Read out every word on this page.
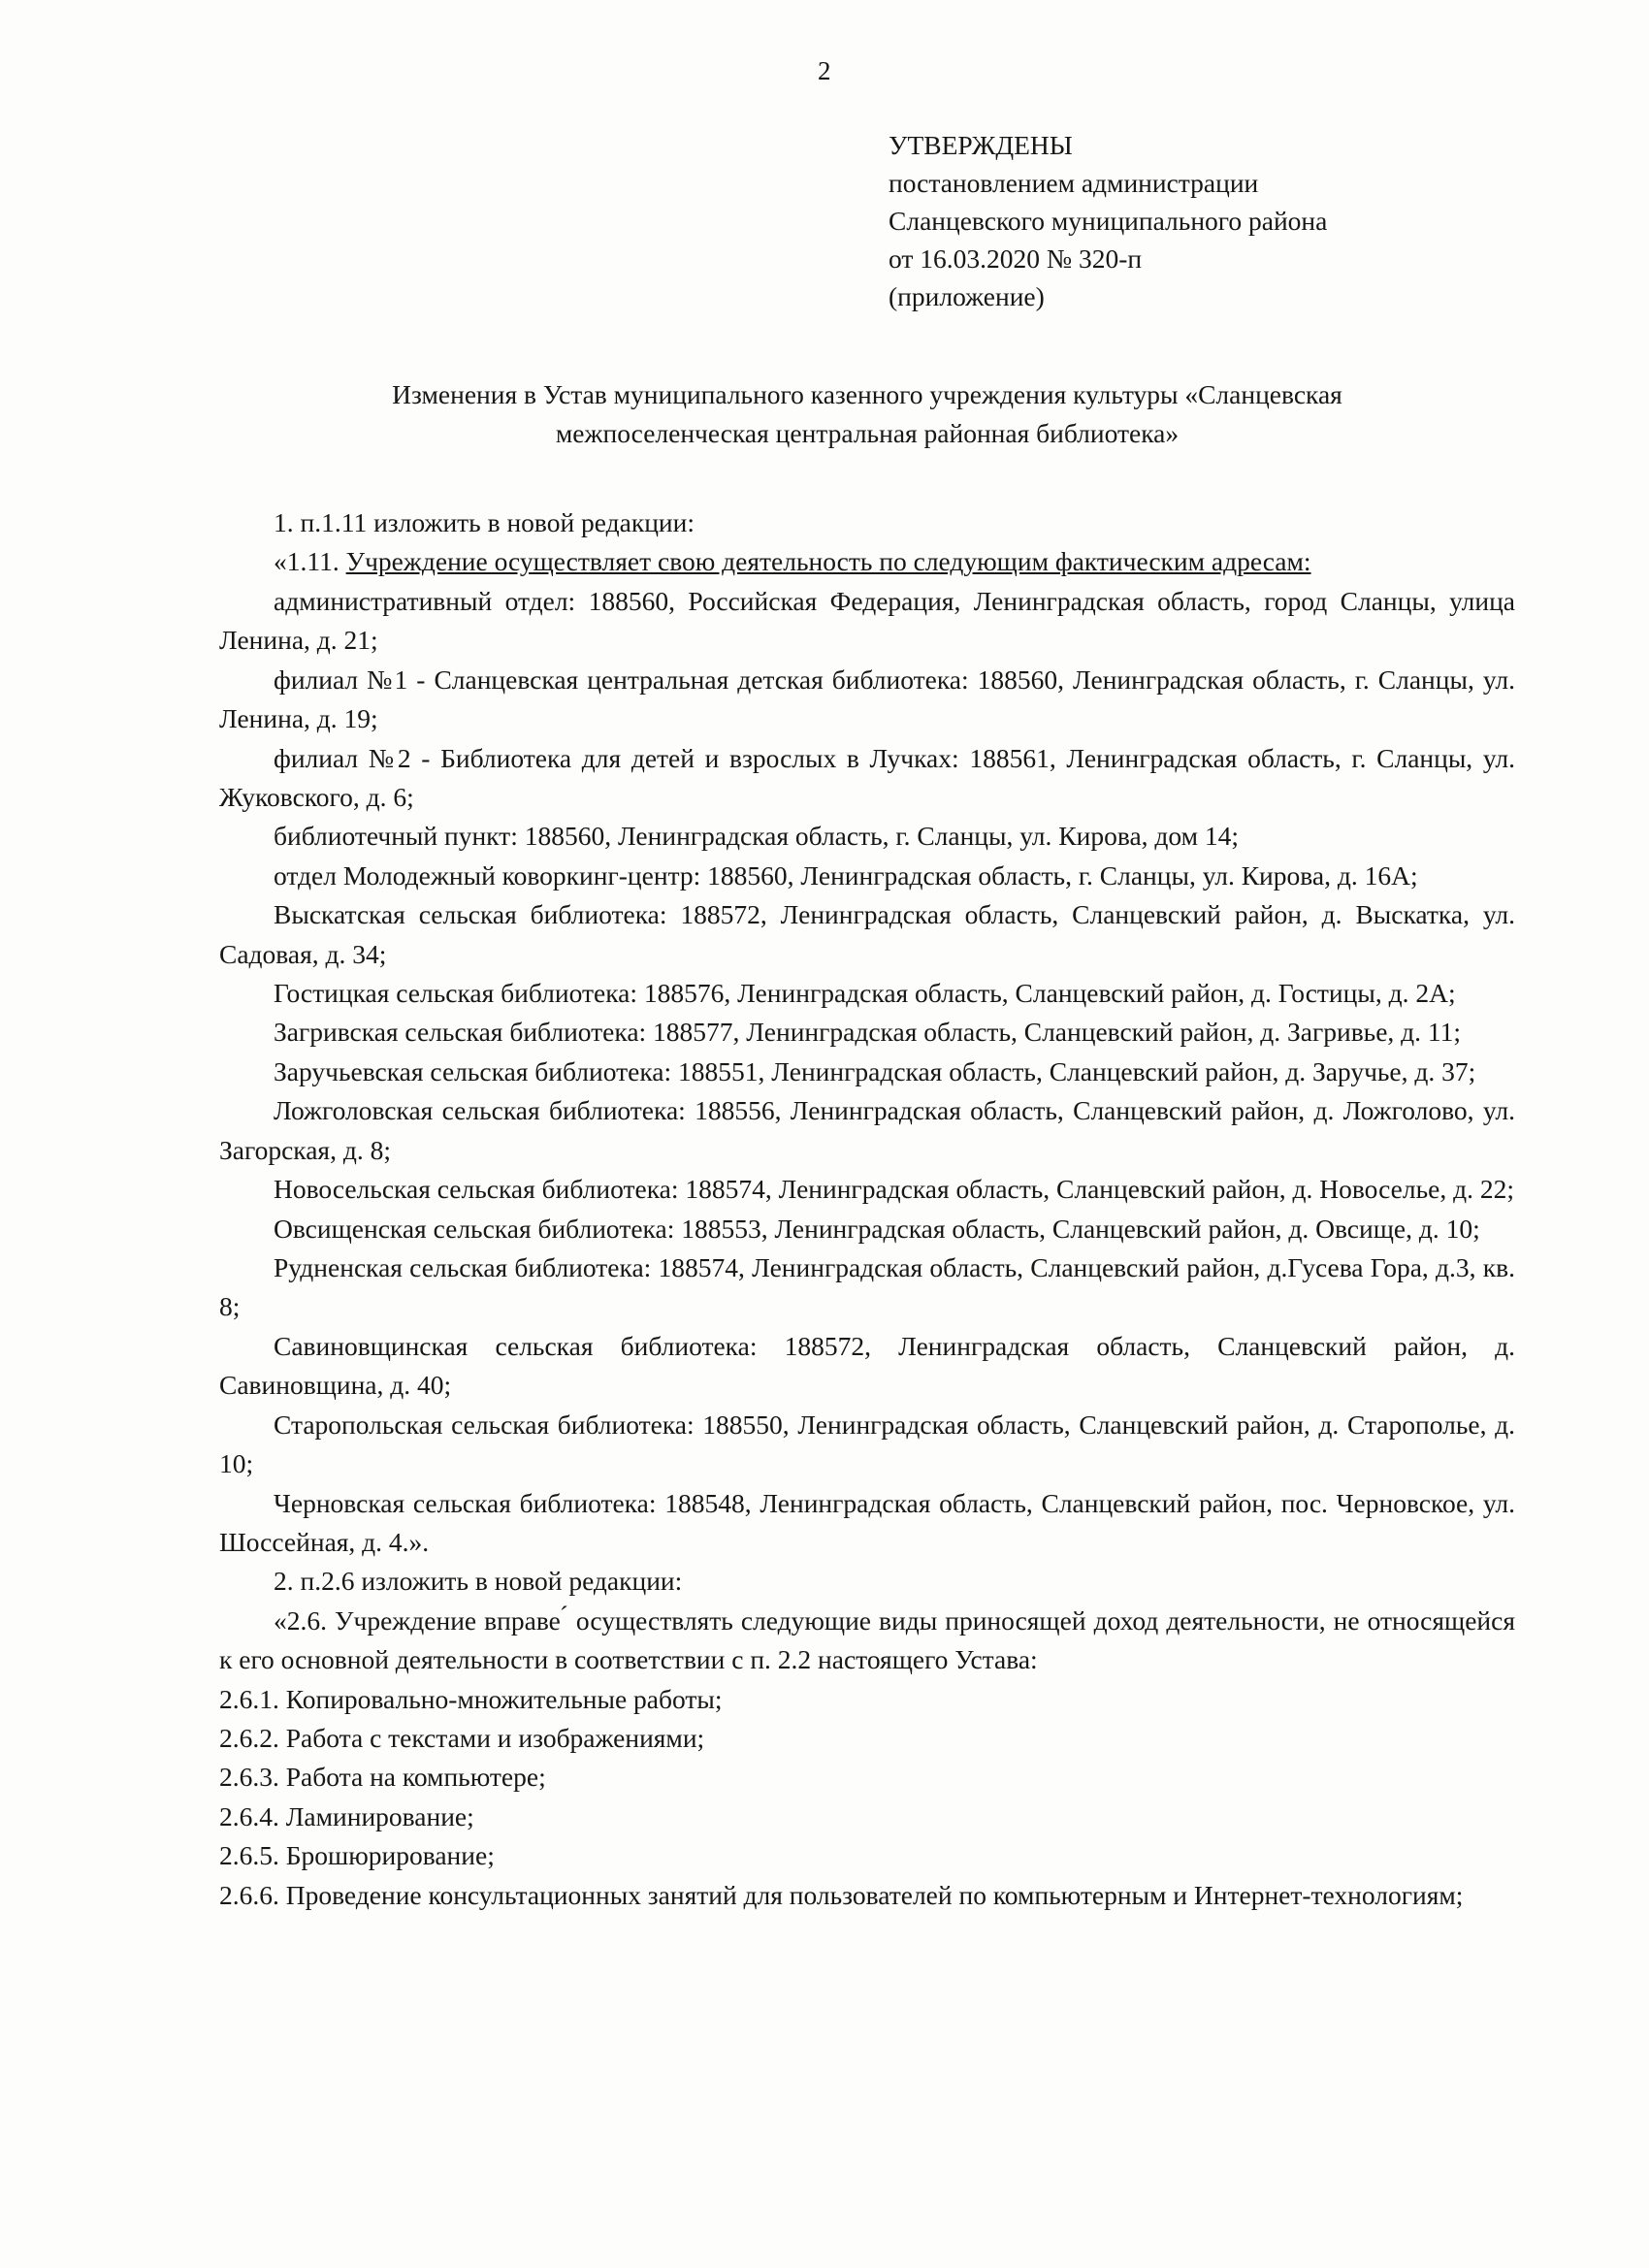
2
УТВЕРЖДЕНЫ
постановлением администрации
Сланцевского муниципального района
от 16.03.2020 № 320-п
(приложение)
Изменения в Устав муниципального казенного учреждения культуры «Сланцевская
межпоселенческая центральная районная библиотека»

1. п.1.11 изложить в новой редакции:

«1.11. Учреждение осуществляет свою деятельность по следующим фактическим адресам:

административный отдел: 188560, Российская Федерация, Ленинградская область, город Сланцы, улица Ленина, д. 21;

филиал №1 - Сланцевская центральная детская библиотека: 188560, Ленинградская область, г. Сланцы, ул. Ленина, д. 19;

филиал №2 - Библиотека для детей и взрослых в Лучках: 188561, Ленинградская область, г. Сланцы, ул. Жуковского, д. 6;

библиотечный пункт: 188560, Ленинградская область, г. Сланцы, ул. Кирова, дом 14;

отдел Молодежный коворкинг-центр: 188560, Ленинградская область, г. Сланцы, ул. Кирова, д. 16А;

Выскатская сельская библиотека: 188572, Ленинградская область, Сланцевский район, д. Выскатка, ул. Садовая, д. 34;

Гостицкая сельская библиотека: 188576, Ленинградская область, Сланцевский район, д. Гостицы, д. 2А;

Загривская сельская библиотека: 188577, Ленинградская область, Сланцевский район, д. Загривье, д. 11;

Заручьевская сельская библиотека: 188551, Ленинградская область, Сланцевский район, д. Заручье, д. 37;

Ложголовская сельская библиотека: 188556, Ленинградская область, Сланцевский район, д. Ложголово, ул. Загорская, д. 8;

Новосельская сельская библиотека: 188574, Ленинградская область, Сланцевский район, д. Новоселье, д. 22;

Овсищенская сельская библиотека: 188553, Ленинградская область, Сланцевский район, д. Овсище, д. 10;

Рудненская сельская библиотека: 188574, Ленинградская область, Сланцевский район, д.Гусева Гора, д.3, кв. 8;

Савиновщинская сельская библиотека: 188572, Ленинградская область, Сланцевский район, д. Савиновщина, д. 40;

Старопольская сельская библиотека: 188550, Ленинградская область, Сланцевский район, д. Старополье, д. 10;

Черновская сельская библиотека: 188548, Ленинградская область, Сланцевский район, пос. Черновское, ул. Шоссейная, д. 4.».

2. п.2.6 изложить в новой редакции:

«2.6. Учреждение вправе ́ осуществлять следующие виды приносящей доход деятельности, не относящейся к его основной деятельности в соответствии с п. 2.2 настоящего Устава:

2.6.1. Копировально-множительные работы;

2.6.2. Работа с текстами и изображениями;

2.6.3. Работа на компьютере;

2.6.4. Ламинирование;

2.6.5. Брошюрирование;

2.6.6. Проведение консультационных занятий для пользователей по компьютерным и Интернет-технологиям;
